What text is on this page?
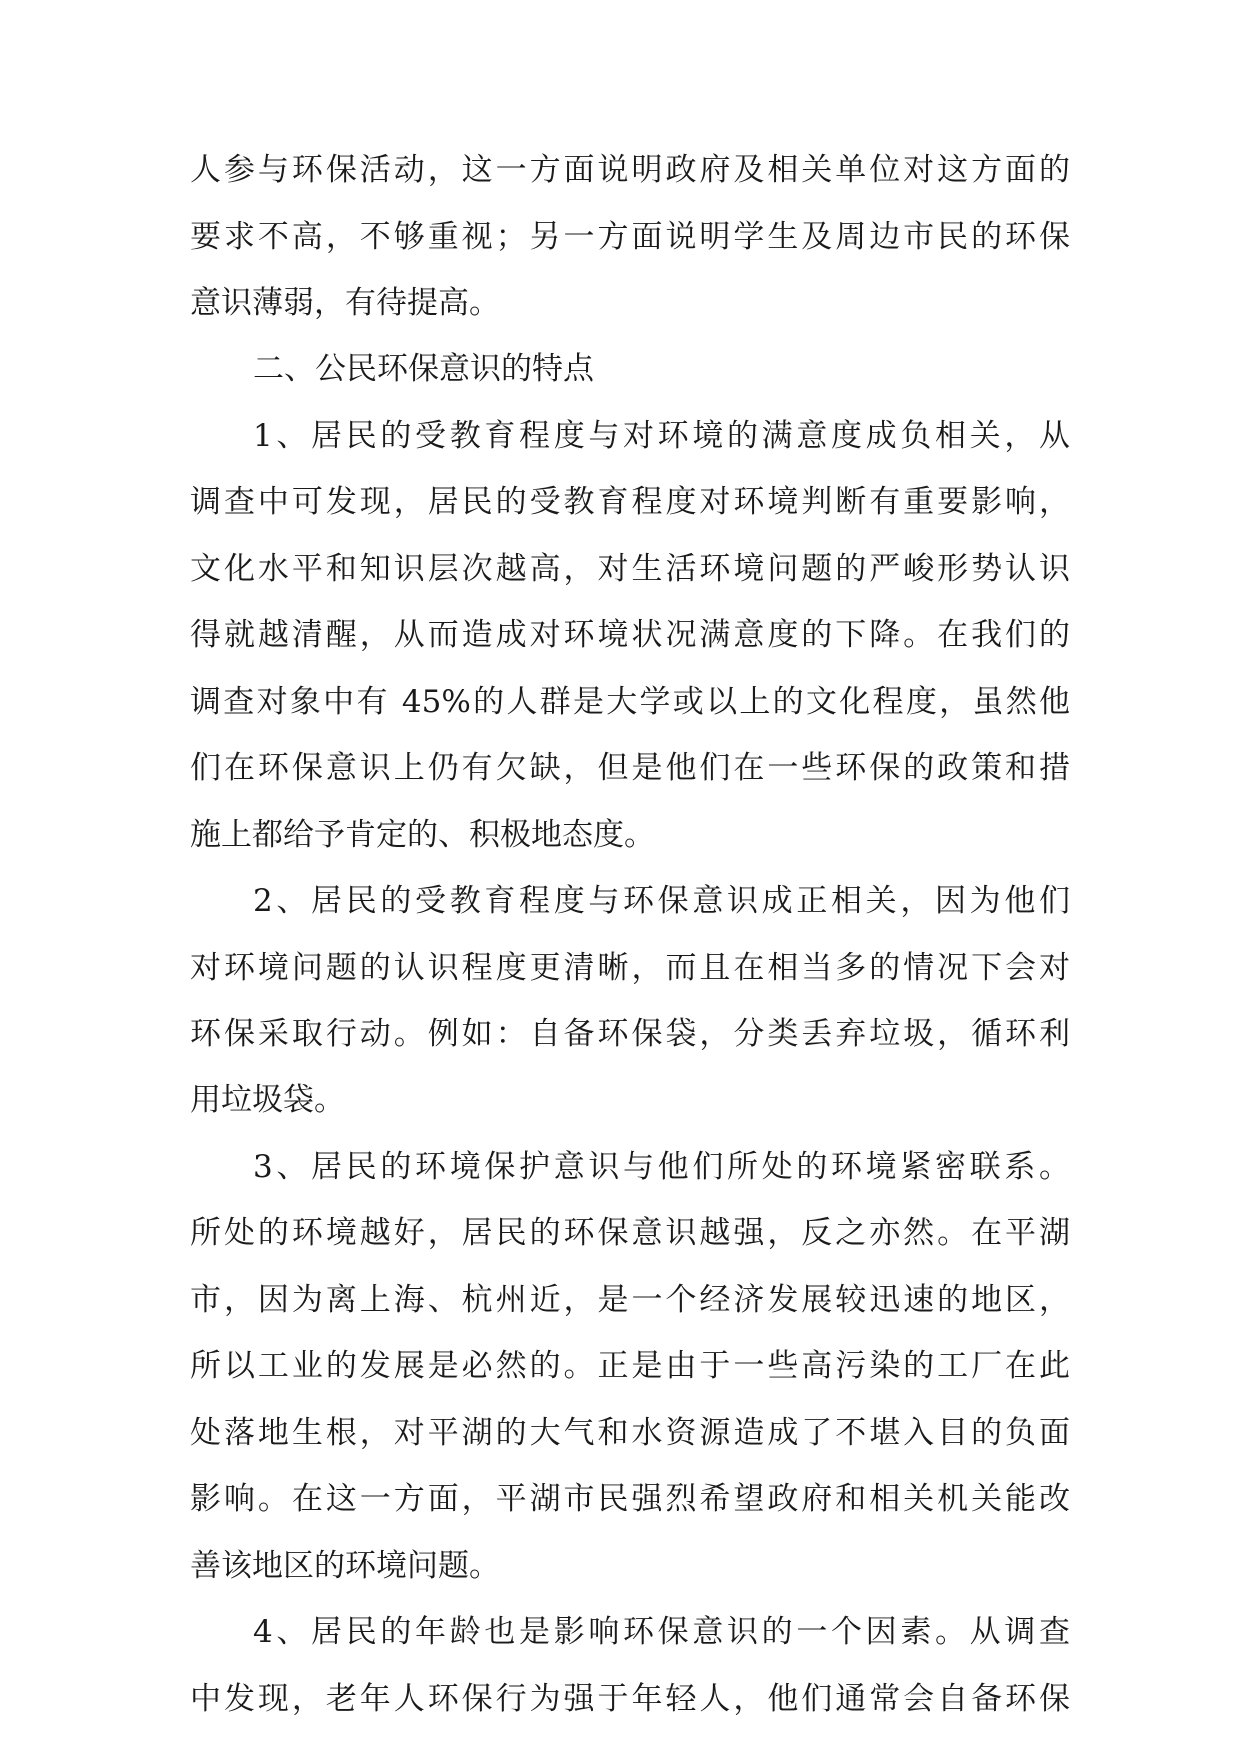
人参与环保活动，这一方面说明政府及相关单位对这方面的
要求不高，不够重视；另一方面说明学生及周边市民的环保
意识薄弱，有待提高。
二、公民环保意识的特点
1、居民的受教育程度与对环境的满意度成负相关，从
调查中可发现，居民的受教育程度对环境判断有重要影响，
文化水平和知识层次越高，对生活环境问题的严峻形势认识
得就越清醒，从而造成对环境状况满意度的下降。在我们的
调查对象中有 45%的人群是大学或以上的文化程度，虽然他
们在环保意识上仍有欠缺，但是他们在一些环保的政策和措
施上都给予肯定的、积极地态度。
2、居民的受教育程度与环保意识成正相关，因为他们
对环境问题的认识程度更清晰，而且在相当多的情况下会对
环保采取行动。例如：自备环保袋，分类丢弃垃圾，循环利
用垃圾袋。
3、居民的环境保护意识与他们所处的环境紧密联系。
所处的环境越好，居民的环保意识越强，反之亦然。在平湖
市，因为离上海、杭州近，是一个经济发展较迅速的地区，
所以工业的发展是必然的。正是由于一些高污染的工厂在此
处落地生根，对平湖的大气和水资源造成了不堪入目的负面
影响。在这一方面，平湖市民强烈希望政府和相关机关能改
善该地区的环境问题。
4、居民的年龄也是影响环保意识的一个因素。从调查
中发现，老年人环保行为强于年轻人，他们通常会自备环保
